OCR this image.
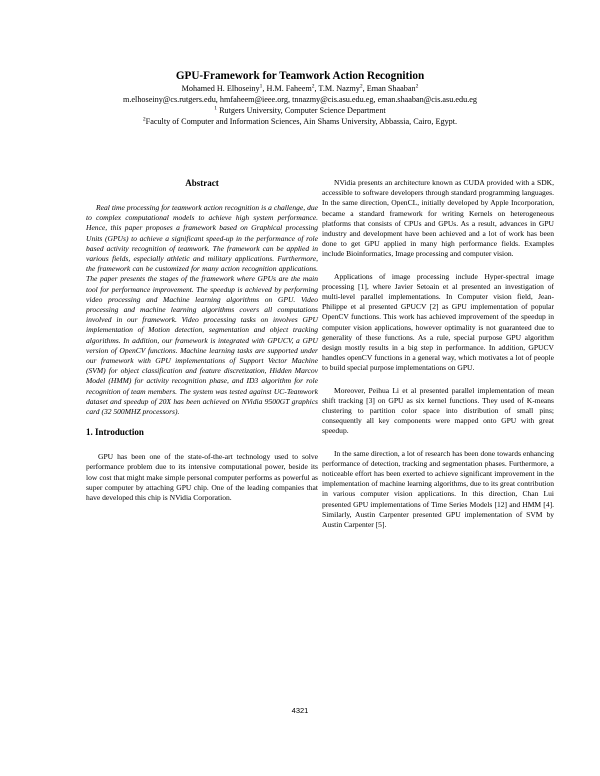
GPU-Framework for Teamwork Action Recognition

Mohamed H. Elhoseiny$^1$, H.M. Faheem$^2$, T.M. Nazmy$^2$, Eman Shaaban$^2$

m.elhoseiny@cs.rutgers.edu, hmfaheem@ieee.org, tnnazmy@cis.asu.edu.eg, eman.shaaban@cis.asu.edu.eg

$^1$ Rutgers University, Computer Science Department

$^2$Faculty of Computer and Information Sciences, Ain Shams University, Abbassia, Cairo, Egypt.

Abstract

Real time processing for teamwork action recognition is a challenge, due to complex computational models to achieve high system performance. Hence, this paper proposes a framework based on Graphical processing Units (GPUs) to achieve a significant speed-up in the performance of role based activity recognition of teamwork. The framework can be applied in various fields, especially athletic and military applications. Furthermore, the framework can be customized for many action recognition applications. The paper presents the stages of the framework where GPUs are the main tool for performance improvement. The speedup is achieved by performing video processing and Machine learning algorithms on GPU. Video processing and machine learning algorithms covers all computations involved in our framework. Video processing tasks on involves GPU implementation of Motion detection, segmentation and object tracking algorithms. In addition, our framework is integrated with GPUCV, a GPU version of OpenCV functions. Machine learning tasks are supported under our framework with GPU implementations of Support Vector Machine (SVM) for object classification and feature discretization, Hidden Marcov Model (HMM) for activity recognition phase, and ID3 algorithm for role recognition of team members. The system was tested against UC-Teamwork dataset and speedup of 20X has been achieved on NVidia 9500GT graphics card (32 500MHZ processors).

1. Introduction

GPU has been one of the state-of-the-art technology used to solve performance problem due to its intensive computational power, beside its low cost that might make simple personal computer performs as powerful as super computer by attaching GPU chip. One of the leading companies that have developed this chip is NVidia Corporation.

NVidia presents an architecture known as CUDA provided with a SDK, accessible to software developers through standard programming languages. In the same direction, OpenCL, initially developed by Apple Incorporation, became a standard framework for writing Kernels on heterogeneous platforms that consists of CPUs and GPUs. As a result, advances in GPU industry and development have been achieved and a lot of work has been done to get GPU applied in many high performance fields. Examples include Bioinformatics, Image processing and computer vision.

Applications of image processing include Hyper-spectral image processing [1], where Javier Setoain et al presented an investigation of multi-level parallel implementations. In Computer vision field, Jean-Philippe et al presented GPUCV [2] as GPU implementation of popular OpenCV functions. This work has achieved improvement of the speedup in computer vision applications, however optimality is not guaranteed due to generality of these functions. As a rule, special purpose GPU algorithm design mostly results in a big step in performance. In addition, GPUCV handles openCV functions in a general way, which motivates a lot of people to build special purpose implementations on GPU.

Moreover, Peihua Li et al presented parallel implementation of mean shift tracking [3] on GPU as six kernel functions. They used of K-means clustering to partition color space into distribution of small pins; consequently all key components were mapped onto GPU with great speedup.

In the same direction, a lot of research has been done towards enhancing performance of detection, tracking and segmentation phases. Furthermore, a noticeable effort has been exerted to achieve significant improvement in the implementation of machine learning algorithms, due to its great contribution in various computer vision applications. In this direction, Chan Lui presented GPU implementations of Time Series Models [12] and HMM [4]. Similarly, Austin Carpenter presented GPU implementation of SVM by Austin Carpenter [5].

4321
